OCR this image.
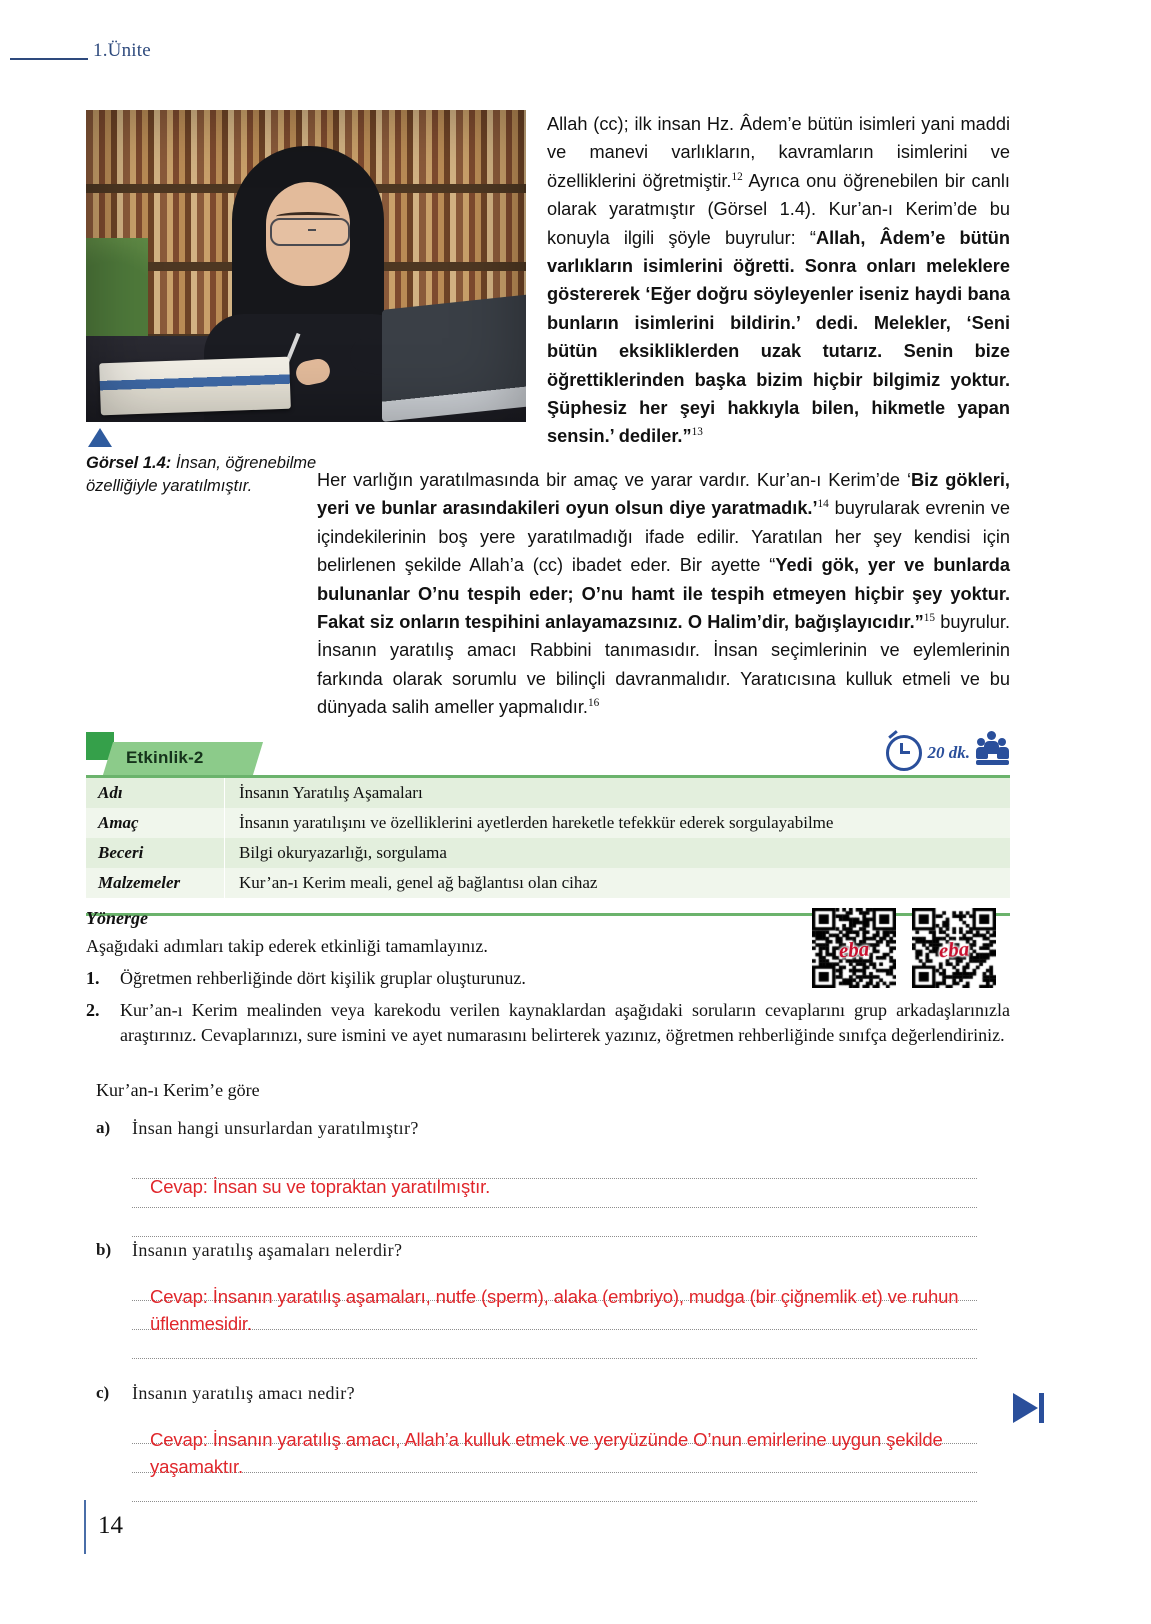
1.Ünite
Görsel 1.4: İnsan, öğrenebilme özelliğiyle yaratılmıştır.
Allah (cc); ilk insan Hz. Âdem’e bütün isimleri yani maddi ve manevi varlıkların, kavramların isimlerini ve özelliklerini öğretmiştir.$^{12}$ Ayrıca onu öğrenebilen bir canlı olarak yaratmıştır (Görsel 1.4). Kur’an-ı Kerim’de bu konuyla ilgili şöyle buyrulur: “Allah, Âdem’e bütün varlıkların isimlerini öğretti. Sonra onları meleklere göstererek ‘Eğer doğru söyleyenler iseniz haydi bana bunların isimlerini bildirin.’ dedi. Melekler, ‘Seni bütün eksikliklerden uzak tutarız. Senin bize öğrettiklerinden başka bizim hiçbir bilgimiz yoktur. Şüphesiz her şeyi hakkıyla bilen, hikmetle yapan sensin.’ dediler.”$^{13}$
Her varlığın yaratılmasında bir amaç ve yarar vardır. Kur’an-ı Kerim’de ‘Biz gökleri, yeri ve bunlar arasındakileri oyun olsun diye yaratmadık.’$^{14}$ buyrularak evrenin ve içindekilerinin boş yere yaratılmadığı ifade edilir. Yaratılan her şey kendisi için belirlenen şekilde Allah’a (cc) ibadet eder. Bir ayette “Yedi gök, yer ve bunlarda bulunanlar O’nu tespih eder; O’nu hamt ile tespih etmeyen hiçbir şey yoktur. Fakat siz onların tespihini anlayamazsınız. O Halim’dir, bağışlayıcıdır.”$^{15}$ buyrulur. İnsanın yaratılış amacı Rabbini tanımasıdır. İnsan seçimlerinin ve eylemlerinin farkında olarak sorumlu ve bilinçli davranmalıdır. Yaratıcısına kulluk etmeli ve bu dünyada salih ameller yapmalıdır.$^{16}$
Etkinlik-2	20 dk.
Adı	İnsanın Yaratılış Aşamaları
Amaç	İnsanın yaratılışını ve özelliklerini ayetlerden hareketle tefekkür ederek sorgulayabilme
Beceri	Bilgi okuryazarlığı, sorgulama
Malzemeler	Kur’an-ı Kerim meali, genel ağ bağlantısı olan cihaz
Yönerge
Aşağıdaki adımları takip ederek etkinliği tamamlayınız.
1. Öğretmen rehberliğinde dört kişilik gruplar oluşturunuz.
2. Kur’an-ı Kerim mealinden veya karekodu verilen kaynaklardan aşağıdaki soruların cevaplarını grup arkadaşlarınızla araştırınız. Cevaplarınızı, sure ismini ve ayet numarasını belirterek yazınız, öğretmen rehberliğinde sınıfça değerlendiriniz.
eba	eba
Kur’an-ı Kerim’e göre
a) İnsan hangi unsurlardan yaratılmıştır?
Cevap: İnsan su ve topraktan yaratılmıştır.
b) İnsanın yaratılış aşamaları nelerdir?
Cevap: İnsanın yaratılış aşamaları, nutfe (sperm), alaka (embriyo), mudga (bir çiğnemlik et) ve ruhun üflenmesidir.
c) İnsanın yaratılış amacı nedir?
Cevap: İnsanın yaratılış amacı, Allah’a kulluk etmek ve yeryüzünde O’nun emirlerine uygun şekilde yaşamaktır.
14
